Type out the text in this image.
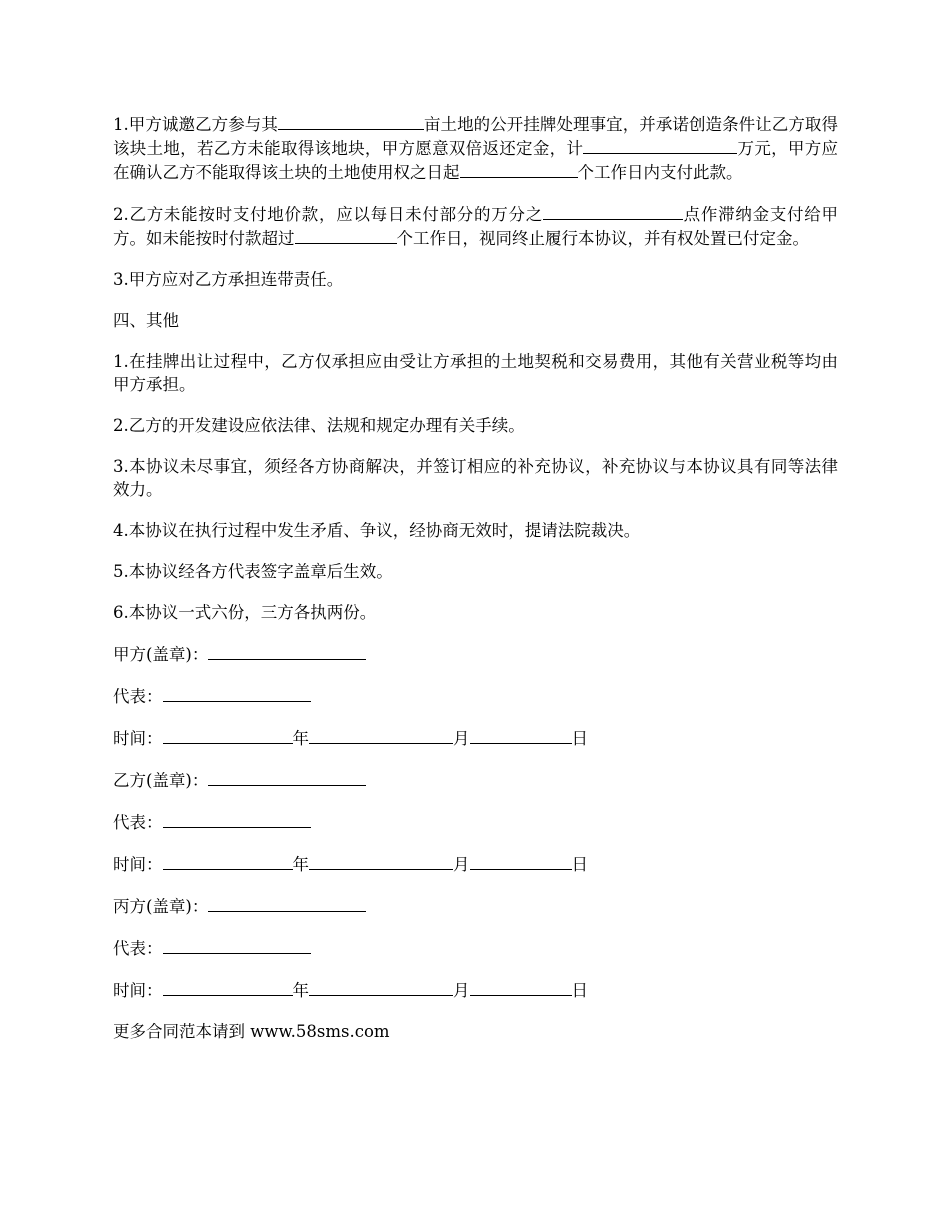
1.甲方诚邀乙方参与其	亩土地的公开挂牌处理事宜，并承诺创造条件让乙方取得该块土地，若乙方未能取得该地块，甲方愿意双倍返还定金，计	万元，甲方应在确认乙方不能取得该土块的土地使用权之日起	个工作日内支付此款。

2.乙方未能按时支付地价款，应以每日未付部分的万分之	点作滞纳金支付给甲方。如未能按时付款超过	个工作日，视同终止履行本协议，并有权处置已付定金。

3.甲方应对乙方承担连带责任。

四、其他

1.在挂牌出让过程中，乙方仅承担应由受让方承担的土地契税和交易费用，其他有关营业税等均由甲方承担。

2.乙方的开发建设应依法律、法规和规定办理有关手续。

3.本协议未尽事宜，须经各方协商解决，并签订相应的补充协议，补充协议与本协议具有同等法律效力。

4.本协议在执行过程中发生矛盾、争议，经协商无效时，提请法院裁决。

5.本协议经各方代表签字盖章后生效。

6.本协议一式六份，三方各执两份。

甲方(盖章)：
代表：
时间：	年	月	日
乙方(盖章)：
代表：
时间：	年	月	日
丙方(盖章)：
代表：
时间：	年	月	日
更多合同范本请到 www.58sms.com
